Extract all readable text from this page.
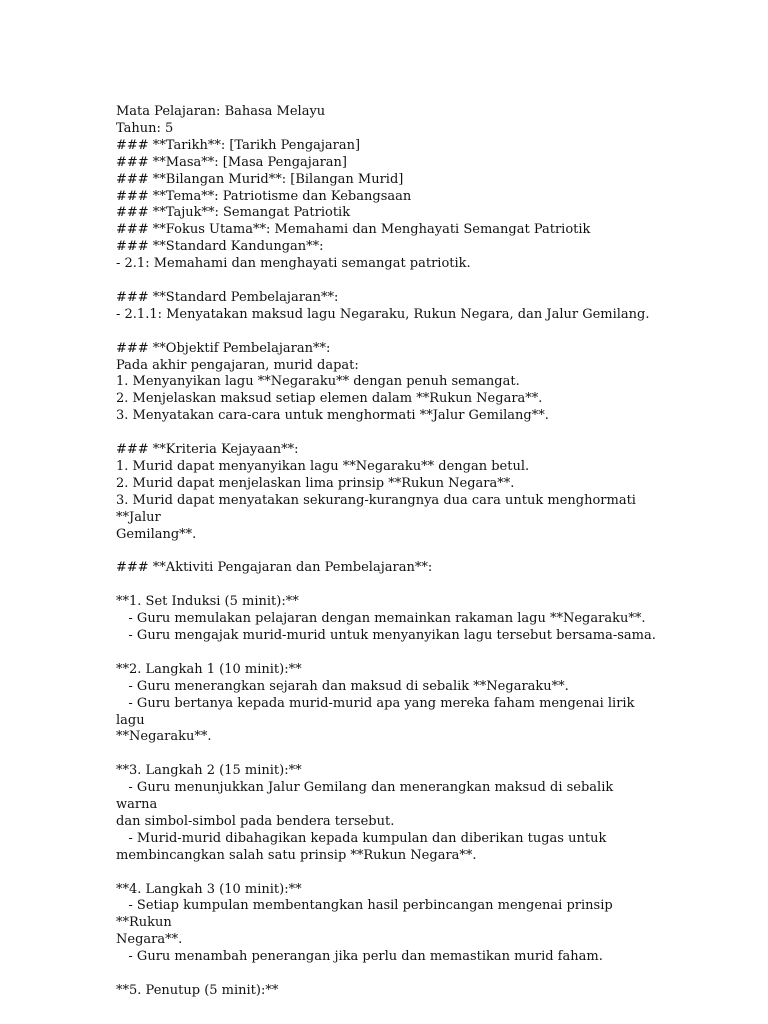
Mata Pelajaran: Bahasa Melayu
Tahun: 5
### **Tarikh**: [Tarikh Pengajaran]
### **Masa**: [Masa Pengajaran]
### **Bilangan Murid**: [Bilangan Murid]
### **Tema**: Patriotisme dan Kebangsaan
### **Tajuk**: Semangat Patriotik
### **Fokus Utama**: Memahami dan Menghayati Semangat Patriotik
### **Standard Kandungan**:
- 2.1: Memahami dan menghayati semangat patriotik.
### **Standard Pembelajaran**:
- 2.1.1: Menyatakan maksud lagu Negaraku, Rukun Negara, dan Jalur Gemilang.
### **Objektif Pembelajaran**:
Pada akhir pengajaran, murid dapat:
1. Menyanyikan lagu **Negaraku** dengan penuh semangat.
2. Menjelaskan maksud setiap elemen dalam **Rukun Negara**.
3. Menyatakan cara-cara untuk menghormati **Jalur Gemilang**.
### **Kriteria Kejayaan**:
1. Murid dapat menyanyikan lagu **Negaraku** dengan betul.
2. Murid dapat menjelaskan lima prinsip **Rukun Negara**.
3. Murid dapat menyatakan sekurang-kurangnya dua cara untuk menghormati **Jalur
Gemilang**.
### **Aktiviti Pengajaran dan Pembelajaran**:
**1. Set Induksi (5 minit):**
- Guru memulakan pelajaran dengan memainkan rakaman lagu **Negaraku**.
- Guru mengajak murid-murid untuk menyanyikan lagu tersebut bersama-sama.
**2. Langkah 1 (10 minit):**
- Guru menerangkan sejarah dan maksud di sebalik **Negaraku**.
- Guru bertanya kepada murid-murid apa yang mereka faham mengenai lirik lagu
**Negaraku**.
**3. Langkah 2 (15 minit):**
- Guru menunjukkan Jalur Gemilang dan menerangkan maksud di sebalik warna
dan simbol-simbol pada bendera tersebut.
- Murid-murid dibahagikan kepada kumpulan dan diberikan tugas untuk
membincangkan salah satu prinsip **Rukun Negara**.
**4. Langkah 3 (10 minit):**
- Setiap kumpulan membentangkan hasil perbincangan mengenai prinsip **Rukun
Negara**.
- Guru menambah penerangan jika perlu dan memastikan murid faham.
**5. Penutup (5 minit):**
